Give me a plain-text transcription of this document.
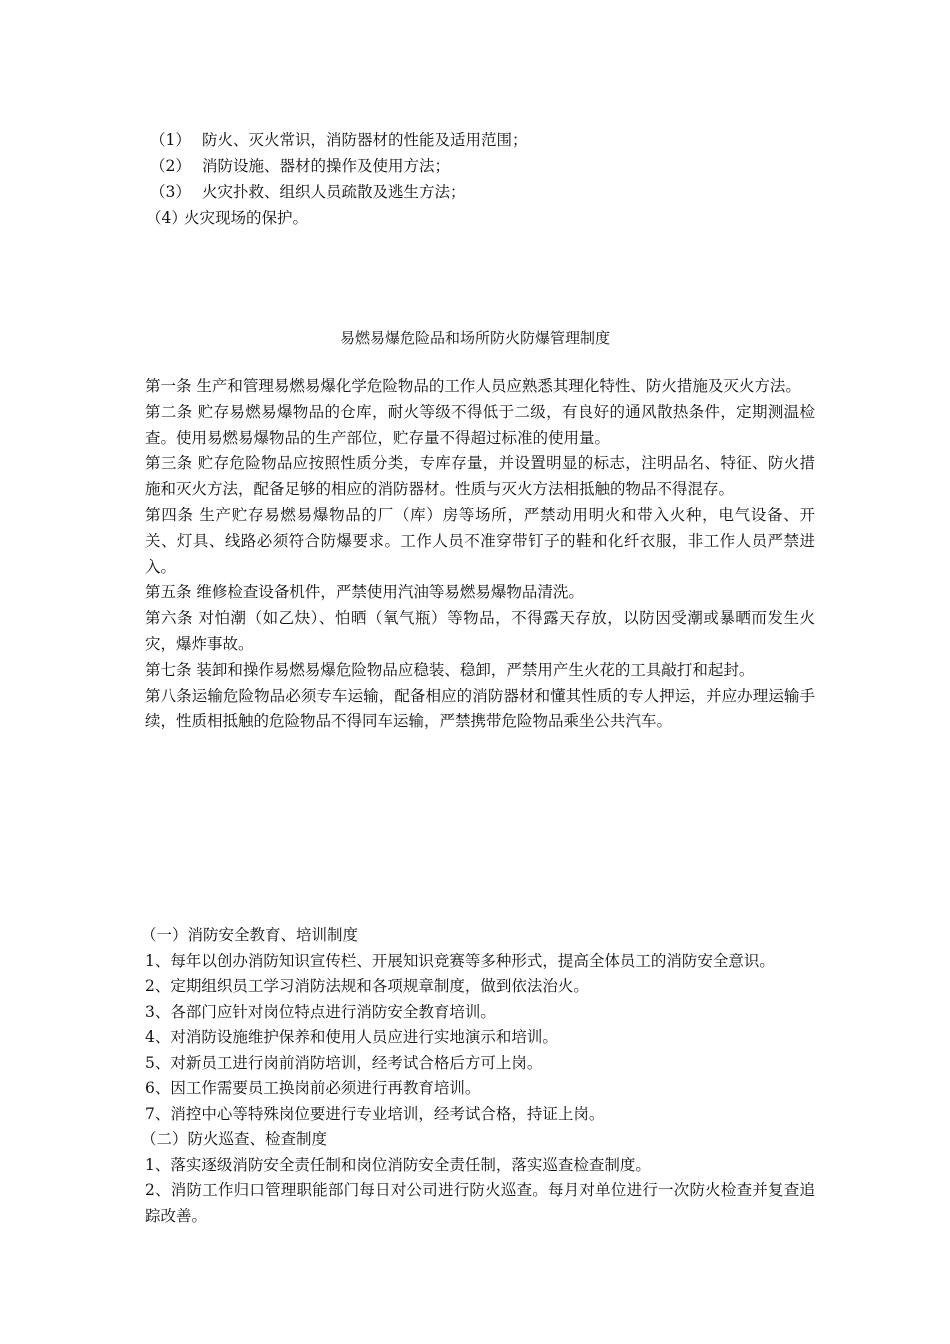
（1） 防火、灭火常识，消防器材的性能及适用范围；
（2） 消防设施、器材的操作及使用方法；
（3） 火灾扑救、组织人员疏散及逃生方法；
（4）火灾现场的保护。
易燃易爆危险品和场所防火防爆管理制度

第一条 生产和管理易燃易爆化学危险物品的工作人员应熟悉其理化特性、防火措施及灭火方法。

第二条 贮存易燃易爆物品的仓库，耐火等级不得低于二级，有良好的通风散热条件，定期测温检查。使用易燃易爆物品的生产部位，贮存量不得超过标准的使用量。

第三条 贮存危险物品应按照性质分类，专库存量，并设置明显的标志，注明品名、特征、防火措施和灭火方法，配备足够的相应的消防器材。性质与灭火方法相抵触的物品不得混存。

第四条 生产贮存易燃易爆物品的厂（库）房等场所，严禁动用明火和带入火种，电气设备、开关、灯具、线路必须符合防爆要求。工作人员不准穿带钉子的鞋和化纤衣服，非工作人员严禁进入。

第五条 维修检查设备机件，严禁使用汽油等易燃易爆物品清洗。

第六条 对怕潮（如乙炔）、怕晒（氧气瓶）等物品，不得露天存放，以防因受潮或暴晒而发生火灾，爆炸事故。

第七条 装卸和操作易燃易爆危险物品应稳装、稳卸，严禁用产生火花的工具敲打和起封。

第八条运输危险物品必须专车运输，配备相应的消防器材和懂其性质的专人押运，并应办理运输手续，性质相抵触的危险物品不得同车运输，严禁携带危险物品乘坐公共汽车。

（一）消防安全教育、培训制度

1、每年以创办消防知识宣传栏、开展知识竞赛等多种形式，提高全体员工的消防安全意识。

2、定期组织员工学习消防法规和各项规章制度，做到依法治火。

3、各部门应针对岗位特点进行消防安全教育培训。

4、对消防设施维护保养和使用人员应进行实地演示和培训。

5、对新员工进行岗前消防培训，经考试合格后方可上岗。

6、因工作需要员工换岗前必须进行再教育培训。

7、消控中心等特殊岗位要进行专业培训，经考试合格，持证上岗。

（二）防火巡查、检查制度

1、落实逐级消防安全责任制和岗位消防安全责任制，落实巡查检查制度。

2、消防工作归口管理职能部门每日对公司进行防火巡查。每月对单位进行一次防火检查并复查追踪改善。
